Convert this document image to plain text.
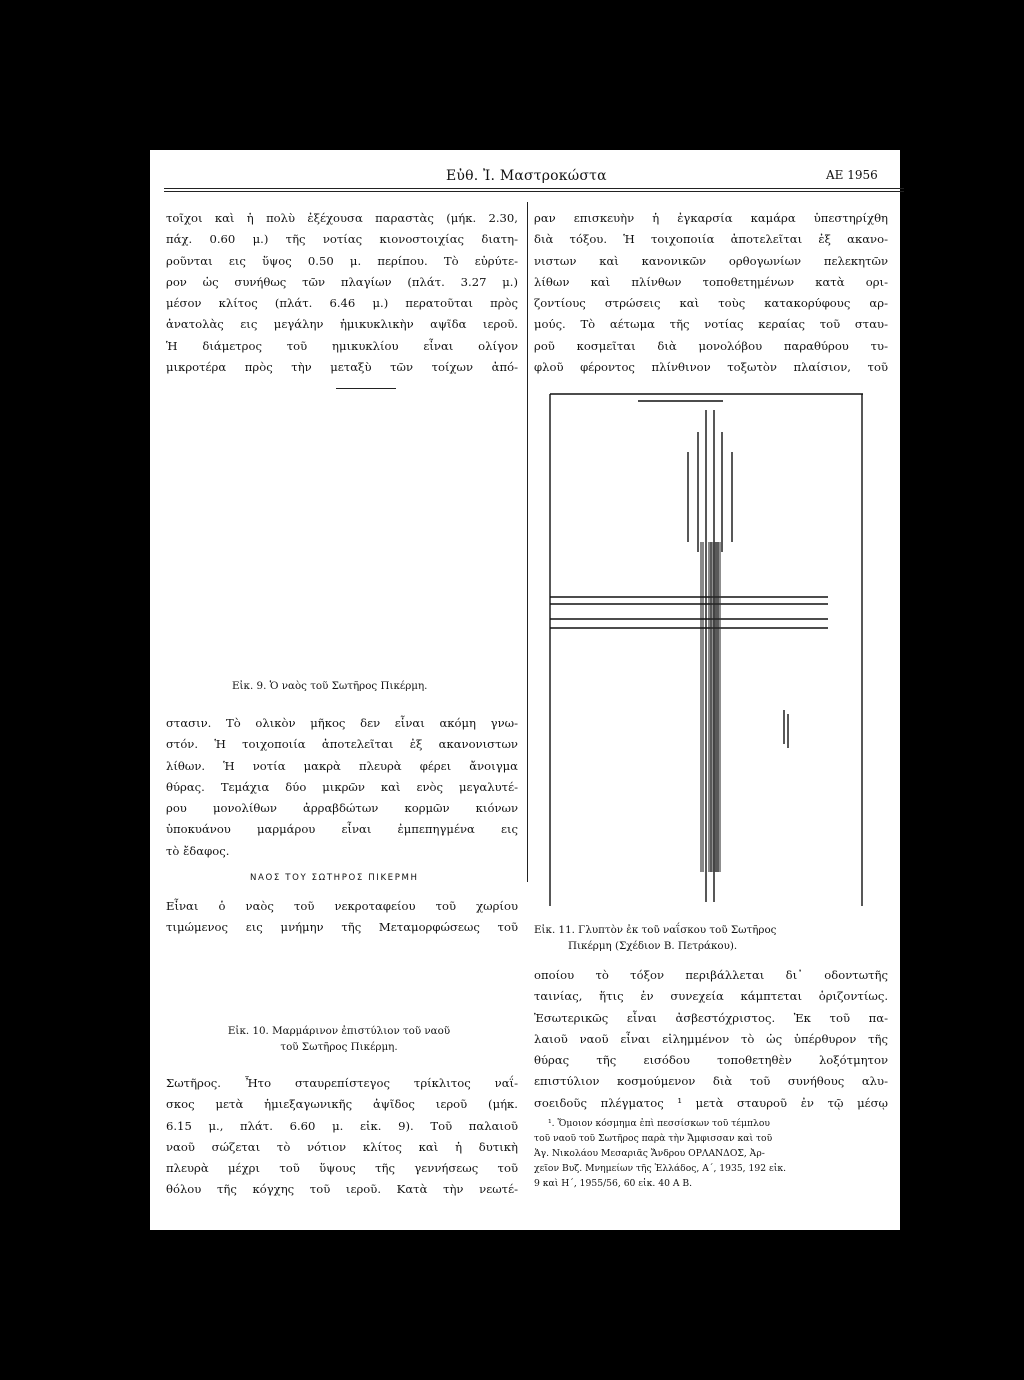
Εὐθ. Ἰ. Μαστροκώστα	ΑΕ 1956
τοῖχοι καὶ ἡ πολὺ ἐξέχουσα παραστὰς (μήκ. 2.30,
πάχ. 0.60 μ.) τῆς νοτίας κιονοστοιχίας διατη-
ροῦνται εις ὕψος 0.50 μ. περίπου. Τὸ εὐρύτε-
ρον ὡς συνήθως τῶν πλαγίων (πλάτ. 3.27 μ.)
μέσον κλίτος (πλάτ. 6.46 μ.) περατοῦται πρὸς
ἀνατολὰς εις μεγάλην ἡμικυκλικὴν αψῖδα ιεροῦ.
Ἡ διάμετρος τοῦ ημικυκλίου εἶναι ολίγον
μικροτέρα πρὸς τὴν μεταξὺ τῶν τοίχων ἀπό-
ραν επισκευὴν ἡ ἐγκαρσία καμάρα ὑπεστηρίχθη
διὰ τόξου. Ἡ τοιχοποιία ἀποτελεῖται ἐξ ακανο-
νιστων καὶ κανονικῶν ορθογωνίων πελεκητῶν
λίθων καὶ πλίνθων τοποθετημένων κατὰ ορι-
ζοντίους στρώσεις καὶ τοὺς κατακορύφους αρ-
μούς. Τὸ αέτωμα τῆς νοτίας κεραίας τοῦ σταυ-
ροῦ κοσμεῖται διὰ μονολόβου παραθύρου τυ-
φλοῦ φέροντος πλίνθινον τοξωτὸν πλαίσιον, τοῦ
Εἰκ. 9. Ὁ ναὸς τοῦ Σωτῆρος Πικέρμη.
στασιν. Τὸ ολικὸν μῆκος δεν εἶναι ακόμη γνω-
στόν. Ἡ τοιχοποιία ἀποτελεῖται ἐξ ακανονιστων
λίθων. Ἡ νοτία μακρὰ πλευρὰ φέρει ἄνοιγμα
θύρας. Τεμάχια δύο μικρῶν καὶ ενὸς μεγαλυτέ-
ρου μονολίθων ἀρραβδώτων κορμῶν κιόνων
ὑποκυάνου μαρμάρου εἶναι ἐμπεπηγμένα εις
τὸ ἔδαφος.
ΝΑΟΣ ΤΟΥ ΣΩΤΗΡΟΣ ΠΙΚΕΡΜΗ
Εἶναι ὁ ναὸς τοῦ νεκροταφείου τοῦ χωρίου
τιμώμενος εις μνήμην τῆς Μεταμορφώσεως τοῦ Εἰκ. 11. Γλυπτὸν ἐκ τοῦ ναΐσκου τοῦ Σωτῆρος
Πικέρμη (Σχέδιον Β. Πετράκου).
οποίου τὸ τόξον περιβάλλεται δι᾽ οδοντωτῆς
ταινίας, ἥτις ἐν συνεχεία κάμπτεται ὁριζοντίως.
Ἐσωτερικῶς εἶναι ἀσβεστόχριστος. Ἐκ τοῦ πα-
λαιοῦ ναοῦ εἶναι εἰλημμένον τὸ ὡς ὑπέρθυρον τῆς
θύρας τῆς εισόδου τοποθετηθὲν λοξότμητον
επιστύλιον κοσμούμενον διὰ τοῦ συνήθους αλυ-
σοειδοῦς πλέγματος ¹ μετὰ σταυροῦ ἐν τῷ μέσῳ
Εἰκ. 10. Μαρμάρινον ἐπιστύλιον τοῦ ναοῦ
τοῦ Σωτῆρος Πικέρμη.
Σωτῆρος. Ἦτο σταυρεπίστεγος τρίκλιτος ναΐ-
σκος μετὰ ἡμιεξαγωνικῆς ἀψῖδος ιεροῦ (μήκ.
6.15 μ., πλάτ. 6.60 μ. εἰκ. 9). Τοῦ παλαιοῦ
ναοῦ σώζεται τὸ νότιον κλίτος καὶ ἡ δυτικὴ
πλευρὰ μέχρι τοῦ ὕψους τῆς γεννήσεως τοῦ
θόλου τῆς κόγχης τοῦ ιεροῦ. Κατὰ τὴν νεωτέ-
¹. Ὅμοιον κόσμημα ἐπὶ πεσσίσκων τοῦ τέμπλου
τοῦ ναοῦ τοῦ Σωτῆρος παρὰ τὴν Ἄμφισσαν καὶ τοῦ
Ἁγ. Νικολάου Μεσαριᾶς Ἄνδρου ΟΡΛΑΝΔΟΣ, Ἀρ-
χεῖον Βυζ. Μνημείων τῆς Ἑλλάδος, Α΄, 1935, 192 εἰκ.
9 καὶ Η΄, 1955/56, 60 εἰκ. 40 Α Β.
